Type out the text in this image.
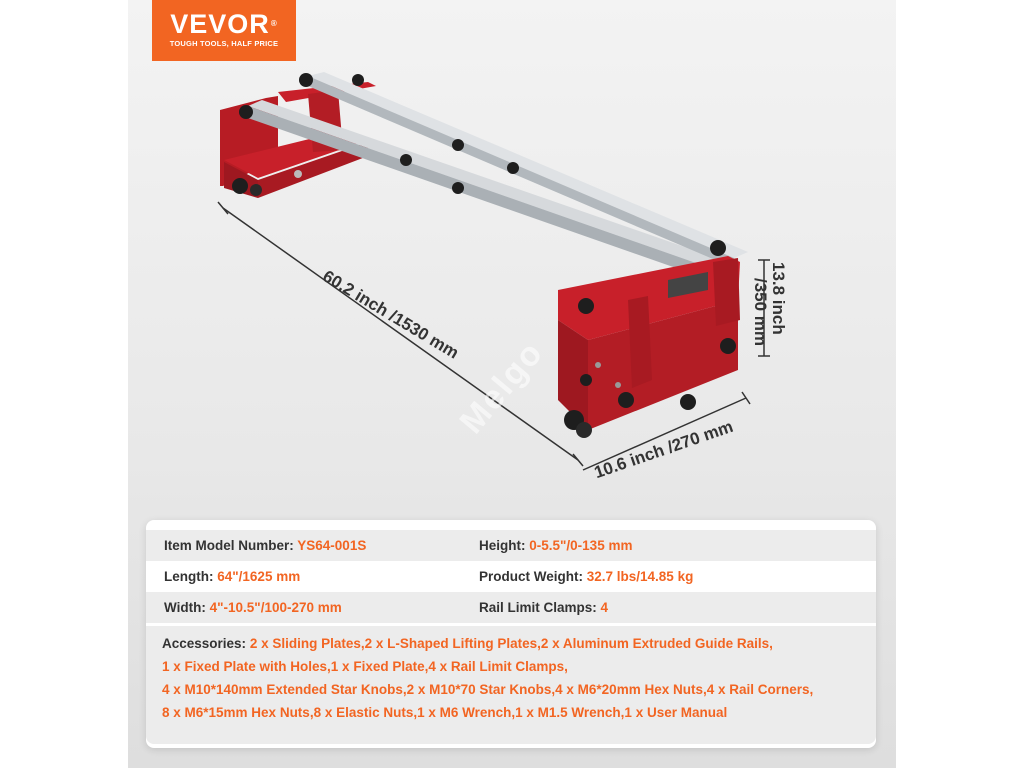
VEVOR®
TOUGH TOOLS, HALF PRICE
Melgo
60.2 inch /1530 mm
10.6 inch /270 mm
13.8 inch
/350 mm
Item Model Number: YS64-001S	Height: 0-5.5"/0-135 mm
Length: 64"/1625 mm	Product Weight: 32.7 lbs/14.85 kg
Width: 4"-10.5"/100-270 mm	Rail Limit Clamps: 4
Accessories: 2 x Sliding Plates,2 x L-Shaped Lifting Plates,2 x Aluminum Extruded Guide Rails,
1 x Fixed Plate with Holes,1 x Fixed Plate,4 x Rail Limit Clamps,
4 x M10*140mm Extended Star Knobs,2 x M10*70 Star Knobs,4 x M6*20mm Hex Nuts,4 x Rail Corners,
8 x M6*15mm Hex Nuts,8 x Elastic Nuts,1 x M6 Wrench,1 x M1.5 Wrench,1 x User Manual
